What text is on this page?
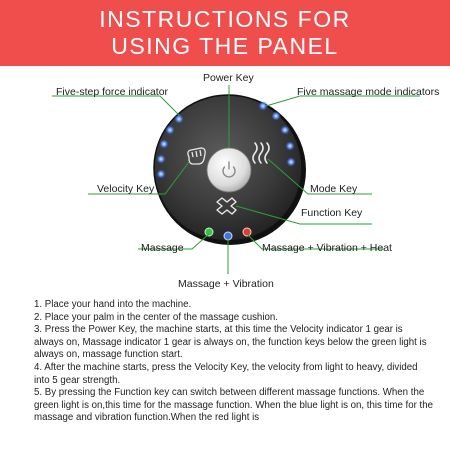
INSTRUCTIONS FOR
USING THE PANEL
Power Key
Five-step force indicator	Five massage mode indicators
Velocity Key	Mode Key
Function Key
Massage	Massage + Vibration + Heat
Massage + Vibration

1. Place your hand into the machine.

2. Place your palm in the center of the massage cushion.

3. Press the Power Key, the machine starts, at this time the Velocity indicator 1 gear is always on, Massage indicator 1 gear is always on, the function keys below the green light is always on, massage function start.

4. After the machine starts, press the Velocity Key, the velocity from light to heavy, divided into 5 gear strength.

5. By pressing the Function key can switch between different massage functions. When the green light is on,this time for the massage function. When the blue light is on, this time for the massage and vibration function.When the red light is
